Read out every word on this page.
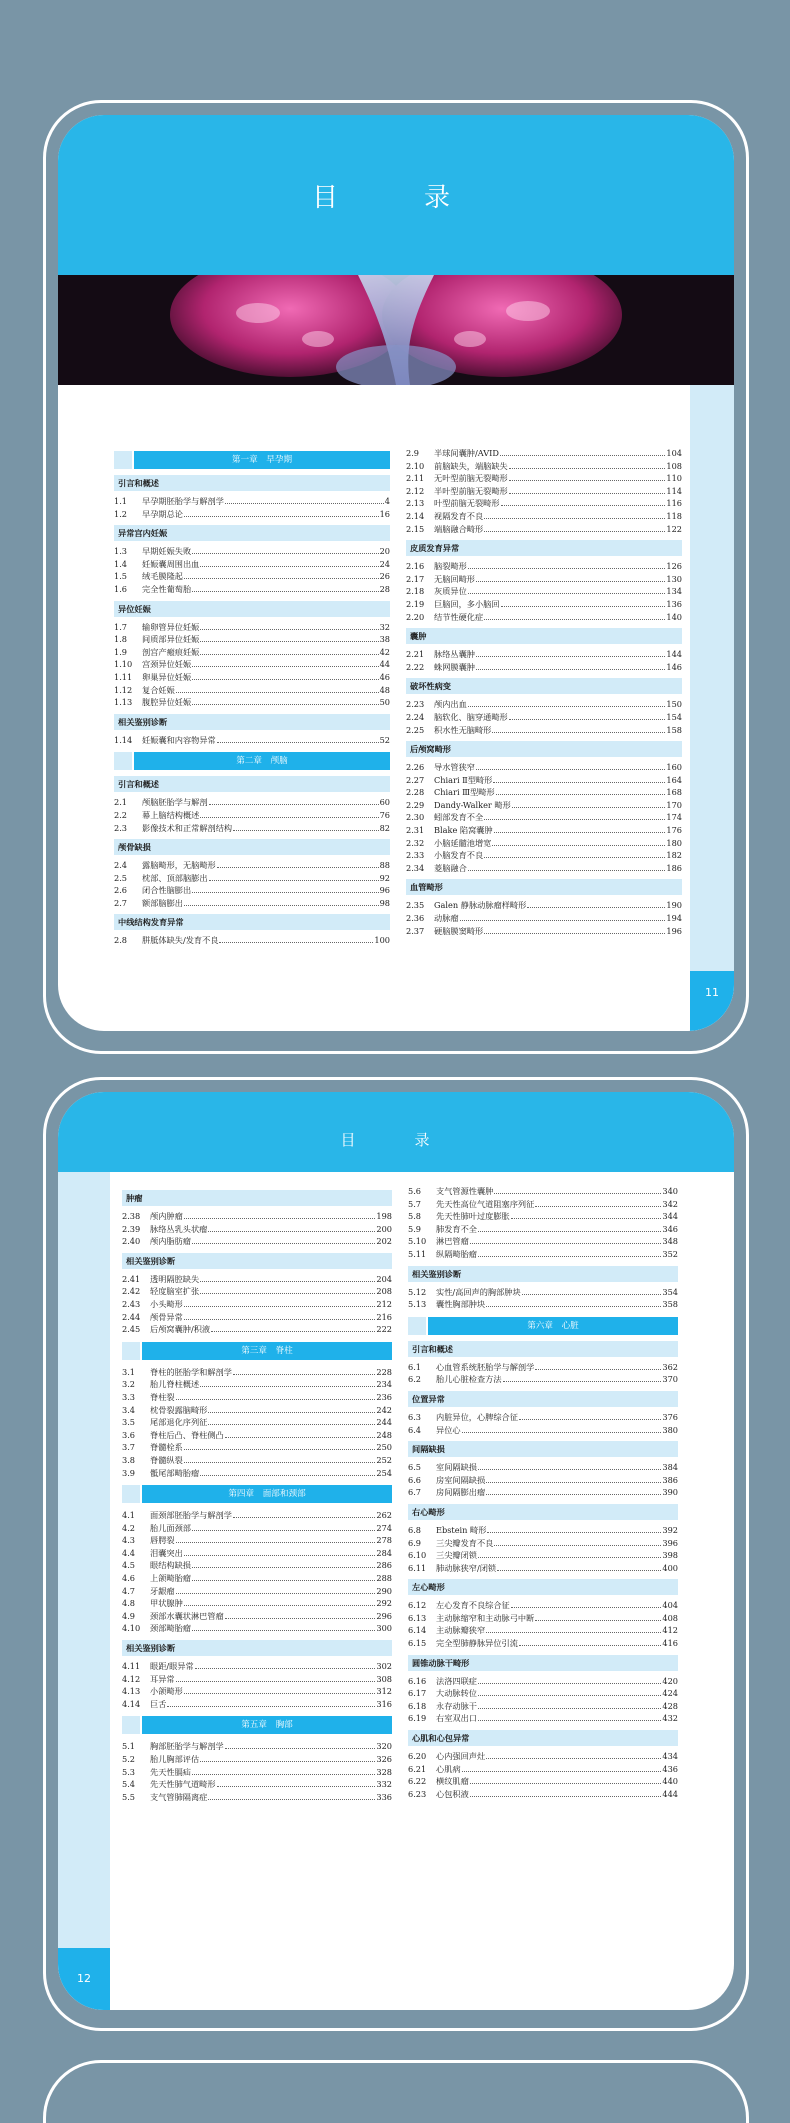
目　录
第一章　早孕期
引言和概述
1.1	早孕期胚胎学与解剖学	4
1.2	早孕期总论	16
异常宫内妊娠
1.3	早期妊娠失败	20
1.4	妊娠囊周围出血	24
1.5	绒毛膜隆起	26
1.6	完全性葡萄胎	28
异位妊娠
1.7	输卵管异位妊娠	32
1.8	间质部异位妊娠	38
1.9	剖宫产瘢痕妊娠	42
1.10	宫颈异位妊娠	44
1.11	卵巢异位妊娠	46
1.12	复合妊娠	48
1.13	腹腔异位妊娠	50
相关鉴别诊断
1.14	妊娠囊和内容物异常	52
第二章　颅脑
引言和概述
2.1	颅脑胚胎学与解剖	60
2.2	幕上脑结构概述	76
2.3	影像技术和正常解剖结构	82
颅骨缺损
2.4	露脑畸形，无脑畸形	88
2.5	枕部、顶部脑膨出	92
2.6	闭合性脑膨出	96
2.7	额部脑膨出	98
中线结构发育异常
2.8	胼胝体缺失/发育不良	100
2.9	半球间囊肿/AVID	104
2.10	前脑缺失，端脑缺失	108
2.11	无叶型前脑无裂畸形	110
2.12	半叶型前脑无裂畸形	114
2.13	叶型前脑无裂畸形	116
2.14	视隔发育不良	118
2.15	端脑融合畸形	122
皮质发育异常
2.16	脑裂畸形	126
2.17	无脑回畸形	130
2.18	灰质异位	134
2.19	巨脑回，多小脑回	136
2.20	结节性硬化症	140
囊肿
2.21	脉络丛囊肿	144
2.22	蛛网膜囊肿	146
破坏性病变
2.23	颅内出血	150
2.24	脑软化、脑穿通畸形	154
2.25	积水性无脑畸形	158
后颅窝畸形
2.26	导水管狭窄	160
2.27	Chiari Ⅱ型畸形	164
2.28	Chiari Ⅲ型畸形	168
2.29	Dandy-Walker 畸形	170
2.30	蚓部发育不全	174
2.31	Blake 陷窝囊肿	176
2.32	小脑延髓池增宽	180
2.33	小脑发育不良	182
2.34	菱脑融合	186
血管畸形
2.35	Galen 静脉动脉瘤样畸形	190
2.36	动脉瘤	194
2.37	硬脑膜窦畸形	196
11
目　录
12
肿瘤
2.38	颅内肿瘤	198
2.39	脉络丛乳头状瘤	200
2.40	颅内脂肪瘤	202
相关鉴别诊断
2.41	透明隔腔缺失	204
2.42	轻度脑室扩张	208
2.43	小头畸形	212
2.44	颅骨异常	216
2.45	后颅窝囊肿/积液	222
第三章　脊柱
3.1	脊柱的胚胎学和解剖学	228
3.2	胎儿脊柱概述	234
3.3	脊柱裂	236
3.4	枕骨裂露脑畸形	242
3.5	尾部退化序列征	244
3.6	脊柱后凸、脊柱侧凸	248
3.7	脊髓栓系	250
3.8	脊髓纵裂	252
3.9	骶尾部畸胎瘤	254
第四章　面部和颈部
4.1	面颈部胚胎学与解剖学	262
4.2	胎儿面颈部	274
4.3	唇腭裂	278
4.4	泪囊突出	284
4.5	眼结构缺损	286
4.6	上颌畸胎瘤	288
4.7	牙龈瘤	290
4.8	甲状腺肿	292
4.9	颈部水囊状淋巴管瘤	296
4.10	颈部畸胎瘤	300
相关鉴别诊断
4.11	眼距/眼异常	302
4.12	耳异常	308
4.13	小颌畸形	312
4.14	巨舌	316
第五章　胸部
5.1	胸部胚胎学与解剖学	320
5.2	胎儿胸部评估	326
5.3	先天性膈疝	328
5.4	先天性肺气道畸形	332
5.5	支气管肺隔离症	336
5.6	支气管源性囊肿	340
5.7	先天性高位气道阻塞序列征	342
5.8	先天性肺叶过度膨胀	344
5.9	肺发育不全	346
5.10	淋巴管瘤	348
5.11	纵隔畸胎瘤	352
相关鉴别诊断
5.12	实性/高回声的胸部肿块	354
5.13	囊性胸部肿块	358
第六章　心脏
引言和概述
6.1	心血管系统胚胎学与解剖学	362
6.2	胎儿心脏检查方法	370
位置异常
6.3	内脏异位，心脾综合征	376
6.4	异位心	380
间隔缺损
6.5	室间隔缺损	384
6.6	房室间隔缺损	386
6.7	房间隔膨出瘤	390
右心畸形
6.8	Ebstein 畸形	392
6.9	三尖瓣发育不良	396
6.10	三尖瓣闭锁	398
6.11	肺动脉狭窄/闭锁	400
左心畸形
6.12	左心发育不良综合征	404
6.13	主动脉缩窄和主动脉弓中断	408
6.14	主动脉瓣狭窄	412
6.15	完全型肺静脉异位引流	416
圆锥动脉干畸形
6.16	法洛四联症	420
6.17	大动脉转位	424
6.18	永存动脉干	428
6.19	右室双出口	432
心肌和心包异常
6.20	心内强回声灶	434
6.21	心肌病	436
6.22	横纹肌瘤	440
6.23	心包积液	444
